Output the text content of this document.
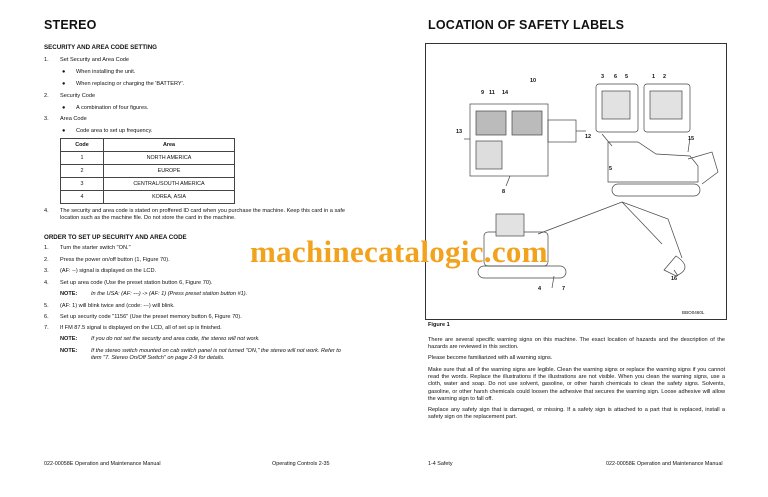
STEREO
SECURITY AND AREA CODE SETTING
1. Set Security and Area Code
● When installing the unit.
● When replacing or charging the 'BATTERY'.
2. Security Code
● A combination of four figures.
3. Area Code
● Code area to set up frequency.
Code	Area
1	NORTH AMERICA
2	EUROPE
3	CENTRAL/SOUTH AMERICA
4	KOREA, ASIA
4. The security and area code is stated on proffered ID card when you purchase the machine. Keep this card in a safe location such as the machine file. Do not store the card in the machine.
ORDER TO SET UP SECURITY AND AREA CODE
1. Turn the starter switch "ON."
2. Press the power on/off button (1, Figure 70).
3. (AF: --) signal is displayed on the LCD.
4. Set up area code (Use the preset station button 6, Figure 70).
NOTE: In the USA: (AF: ---) -> (AF: 1) (Press preset station button #1).
5. (AF: 1) will blink twice and (code: ---) will blink.
6. Set up security code "1156" (Use the preset memory button 6, Figure 70).
7. If FM 87.5 signal is displayed on the LCD, all of set up is finished.
NOTE: If you do not set the security and area code, the stereo will not work.
NOTE: If the stereo switch mounted on cab switch panel is not turned "ON," the stereo will not work. Refer to item "7. Stereo On/Off Switch" on page 2-9 for details.
022-00058E Operation and Maintenance Manual	Operating Controls 2-35
LOCATION OF SAFETY LABELS
10
9 11 14
13
8
12
5
15
3 6 5	1 2
16
4	7
BBO0460L
Figure 1
There are several specific warning signs on this machine. The exact location of hazards and the description of the hazards are reviewed in this section.
Please become familiarized with all warning signs.
Make sure that all of the warning signs are legible. Clean the warning signs or replace the warning signs if you cannot read the words. Replace the illustrations if the illustrations are not visible. When you clean the warning signs, use a cloth, water and soap. Do not use solvent, gasoline, or other harsh chemicals to clean the safety signs. Solvents, gasoline, or other harsh chemicals could loosen the adhesive that secures the warning sign. Loose adhesive will allow the warning sign to fall off.
Replace any safety sign that is damaged, or missing. If a safety sign is attached to a part that is replaced, install a safety sign on the replacement part.
1-4 Safety	022-00058E Operation and Maintenance Manual
machinecatalogic.com
